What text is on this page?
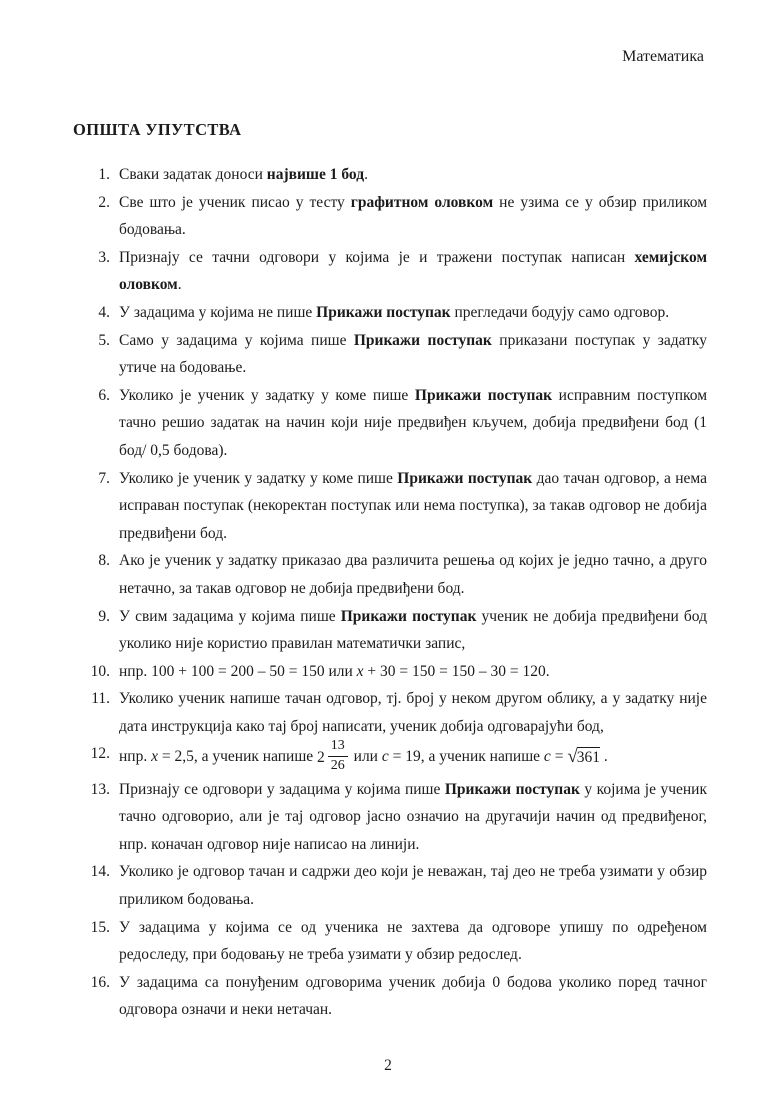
Математика
ОПШТА УПУТСТВА
1. Сваки задатак доноси највише 1 бод.
2. Све што је ученик писао у тесту графитном оловком не узима се у обзир приликом бодовања.
3. Признају се тачни одговори у којима је и тражени поступак написан хемијском оловком.
4. У задацима у којима не пише Прикажи поступак прегледачи бодују само одговор.
5. Само у задацима у којима пише Прикажи поступак приказани поступак у задатку утиче на бодовање.
6. Уколико је ученик у задатку у коме пише Прикажи поступак исправним поступком тачно решио задатак на начин који није предвиђен кључем, добија предвиђени бод (1 бод/ 0,5 бодова).
7. Уколико је ученик у задатку у коме пише Прикажи поступак дао тачан одговор, а нема исправан поступак (некоректан поступак или нема поступка), за такав одговор не добија предвиђени бод.
8. Ако је ученик у задатку приказао два различита решења од којих је једно тачно, а друго нетачно, за такав одговор не добија предвиђени бод.
9. У свим задацима у којима пише Прикажи поступак ученик не добија предвиђени бод уколико није користио правилан математички запис,
10. нпр. 100 + 100 = 200 – 50 = 150 или x + 30 = 150 = 150 – 30 = 120.
11. Уколико ученик напише тачан одговор, тј. број у неком другом облику, а у задатку није дата инструкција како тај број написати, ученик добија одговарајући бод,
12. нпр. x = 2,5, а ученик напише $2 \frac{13}{26}$ или c = 19, а ученик напише c = √361 .
13. Признају се одговори у задацима у којима пише Прикажи поступак у којима је ученик тачно одговорио, али је тај одговор јасно означио на другачији начин од предвиђеног, нпр. коначан одговор није написао на линији.
14. Уколико је одговор тачан и садржи део који је неважан, тај део не треба узимати у обзир приликом бодовања.
15. У задацима у којима се од ученика не захтева да одговоре упишу по одређеном редоследу, при бодовању не треба узимати у обзир редослед.
16. У задацима са понуђеним одговорима ученик добија 0 бодова уколико поред тачног одговора означи и неки нетачан.
2
